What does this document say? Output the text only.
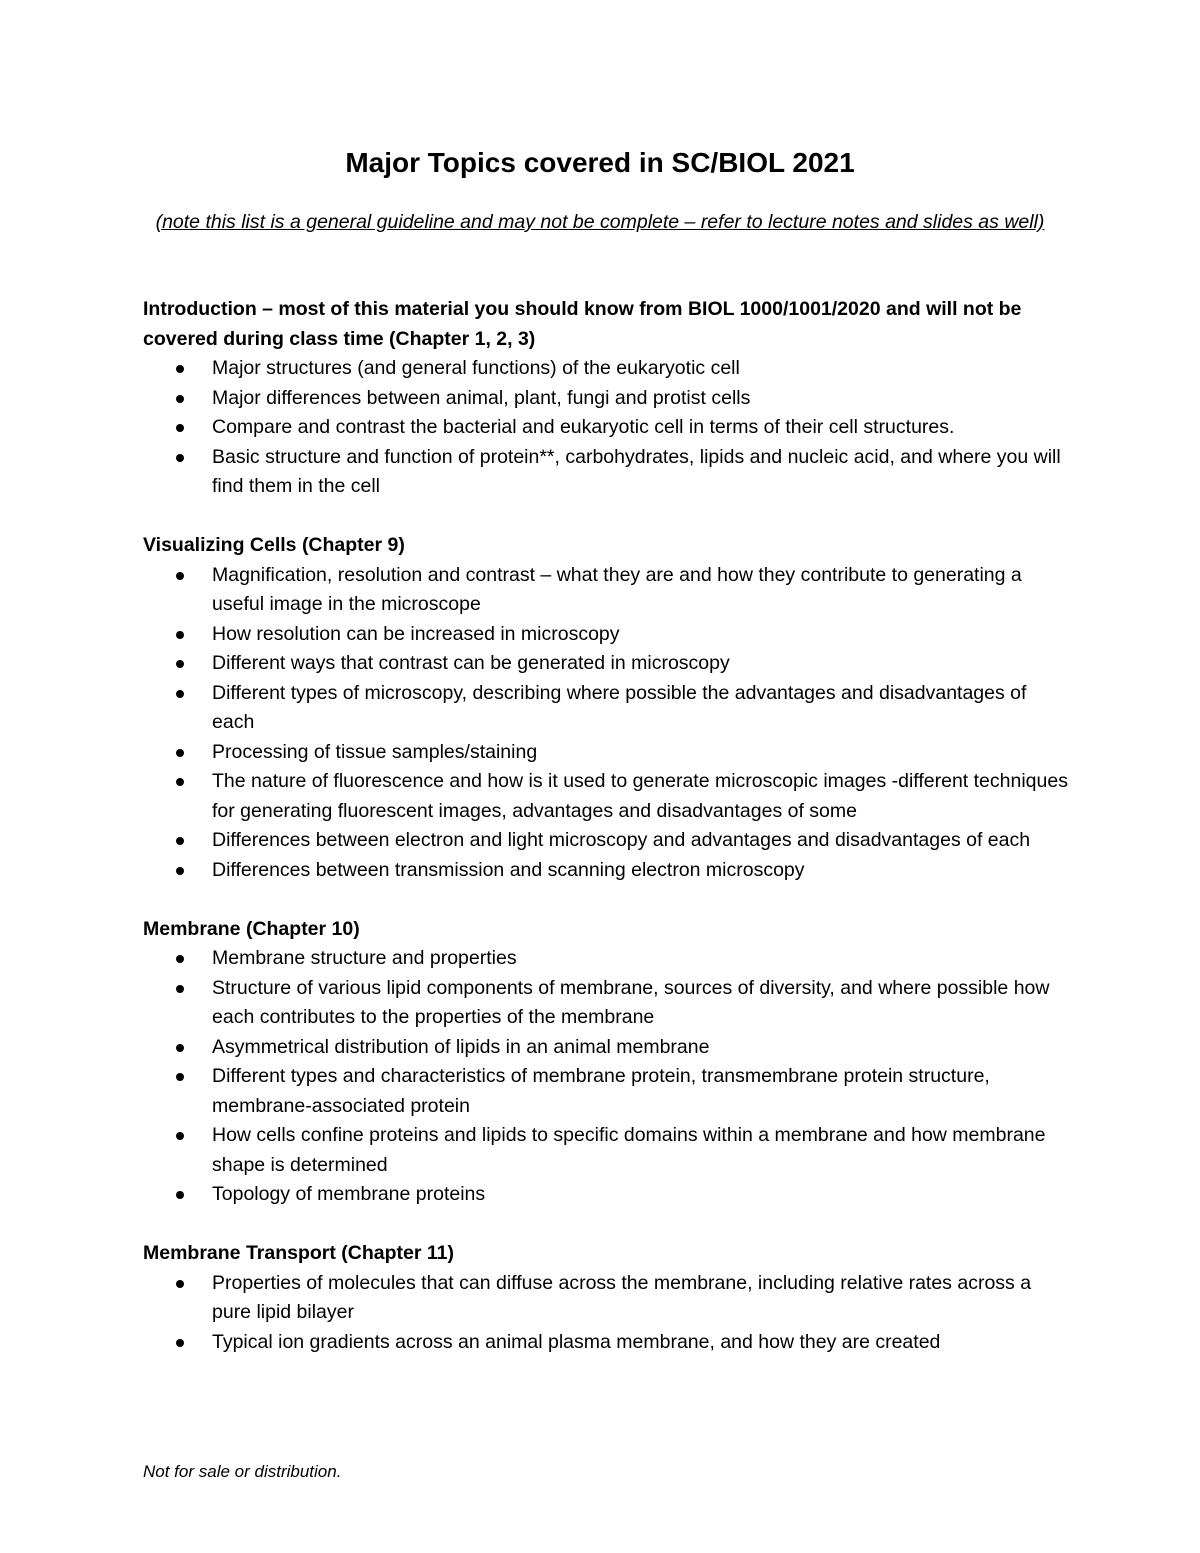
Major Topics covered in SC/BIOL 2021
(note this list is a general guideline and may not be complete – refer to lecture notes and slides as well)

Introduction – most of this material you should know from BIOL 1000/1001/2020 and will not be covered during class time (Chapter 1, 2, 3)

Major structures (and general functions) of the eukaryotic cell
Major differences between animal, plant, fungi and protist cells
Compare and contrast the bacterial and eukaryotic cell in terms of their cell structures.
Basic structure and function of protein**, carbohydrates, lipids and nucleic acid, and where you will find them in the cell

Visualizing Cells (Chapter 9)

Magnification, resolution and contrast – what they are and how they contribute to generating a useful image in the microscope
How resolution can be increased in microscopy
Different ways that contrast can be generated in microscopy
Different types of microscopy, describing where possible the advantages and disadvantages of each
Processing of tissue samples/staining
The nature of fluorescence and how is it used to generate microscopic images -different techniques for generating fluorescent images, advantages and disadvantages of some
Differences between electron and light microscopy and advantages and disadvantages of each
Differences between transmission and scanning electron microscopy

Membrane (Chapter 10)

Membrane structure and properties
Structure of various lipid components of membrane, sources of diversity, and where possible how each contributes to the properties of the membrane
Asymmetrical distribution of lipids in an animal membrane
Different types and characteristics of membrane protein, transmembrane protein structure, membrane-associated protein
How cells confine proteins and lipids to specific domains within a membrane and how membrane shape is determined
Topology of membrane proteins

Membrane Transport (Chapter 11)

Properties of molecules that can diffuse across the membrane, including relative rates across a pure lipid bilayer
Typical ion gradients across an animal plasma membrane, and how they are created
Not for sale or distribution.
